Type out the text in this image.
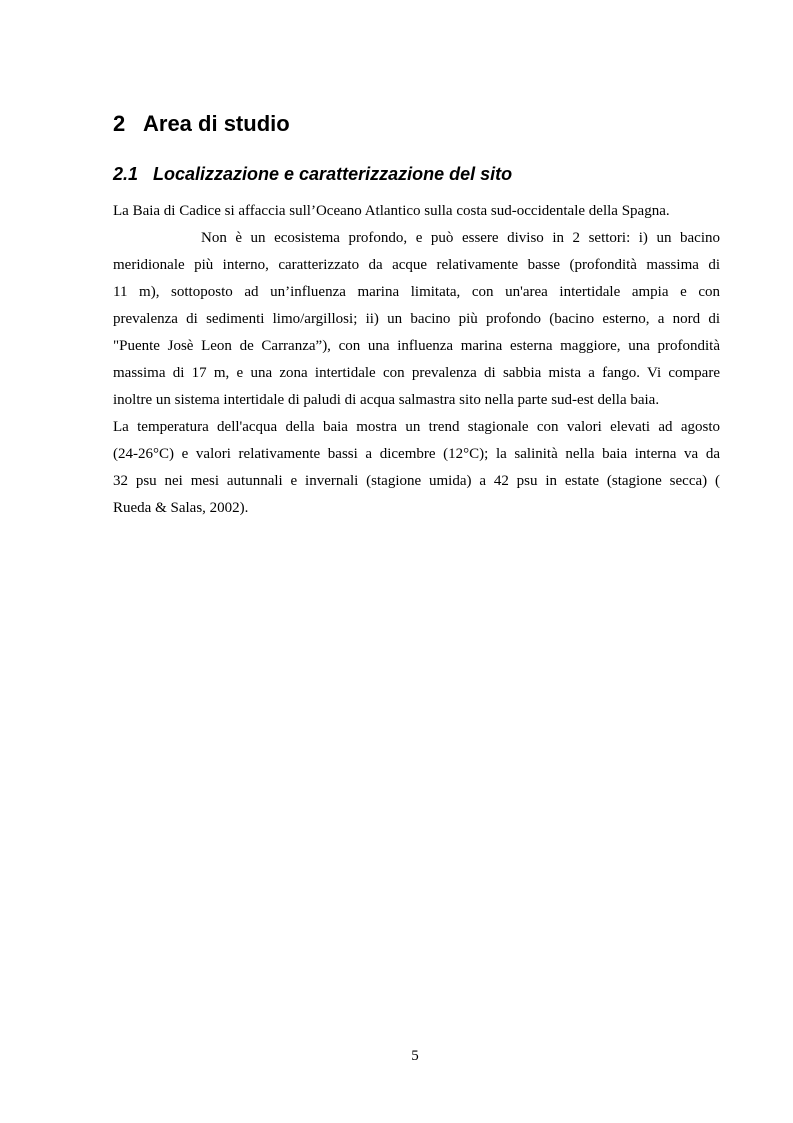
2 Area di studio
2.1 Localizzazione e caratterizzazione del sito
La Baia di Cadice si affaccia sull’Oceano Atlantico sulla costa sud-occidentale della Spagna.
Non è un ecosistema profondo, e può essere diviso in 2 settori: i) un bacino
meridionale più interno, caratterizzato da acque relativamente basse (profondità massima di
11 m), sottoposto ad un’influenza marina limitata, con un'area intertidale ampia e con
prevalenza di sedimenti limo/argillosi; ii) un bacino più profondo (bacino esterno, a nord di
"Puente Josè Leon de Carranza”), con una influenza marina esterna maggiore, una profondità
massima di 17 m, e una zona intertidale con prevalenza di sabbia mista a fango. Vi compare
inoltre un sistema intertidale di paludi di acqua salmastra sito nella parte sud-est della baia.
La temperatura dell'acqua della baia mostra un trend stagionale con valori elevati ad agosto
(24-26°C) e valori relativamente bassi a dicembre (12°C); la salinità nella baia interna va da
32 psu nei mesi autunnali e invernali (stagione umida) a 42 psu in estate (stagione secca) (
Rueda & Salas, 2002).
5
